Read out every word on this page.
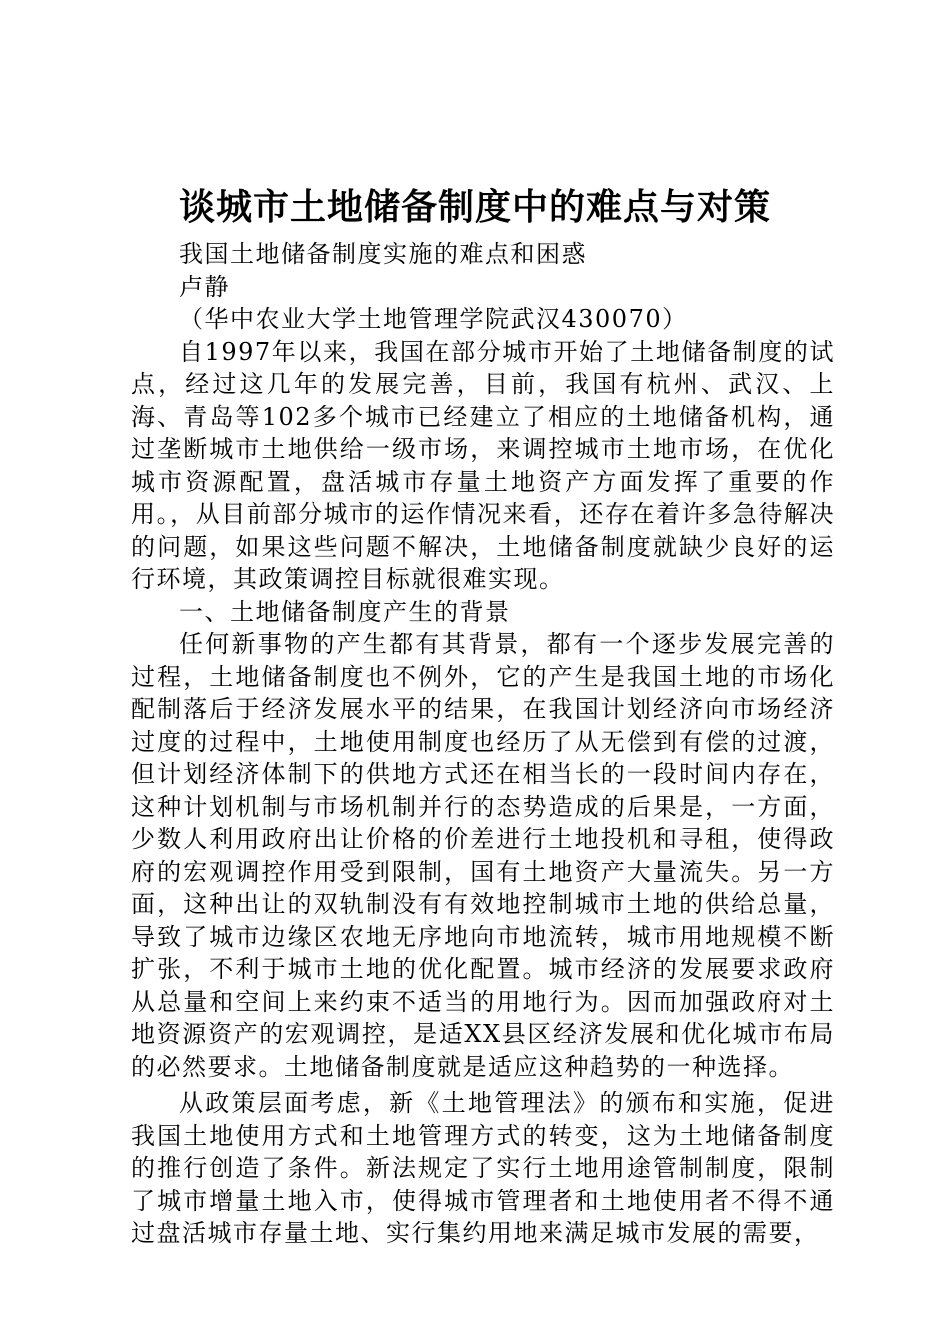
谈城市土地储备制度中的难点与对策

我国土地储备制度实施的难点和困惑

卢静

（华中农业大学土地管理学院武汉430070）

自1997年以来，我国在部分城市开始了土地储备制度的试点，经过这几年的发展完善，目前，我国有杭州、武汉、上海、青岛等102多个城市已经建立了相应的土地储备机构，通过垄断城市土地供给一级市场，来调控城市土地市场，在优化城市资源配置，盘活城市存量土地资产方面发挥了重要的作用。，从目前部分城市的运作情况来看，还存在着许多急待解决的问题，如果这些问题不解决，土地储备制度就缺少良好的运行环境，其政策调控目标就很难实现。

一、土地储备制度产生的背景

任何新事物的产生都有其背景，都有一个逐步发展完善的过程，土地储备制度也不例外，它的产生是我国土地的市场化配制落后于经济发展水平的结果，在我国计划经济向市场经济过度的过程中，土地使用制度也经历了从无偿到有偿的过渡，但计划经济体制下的供地方式还在相当长的一段时间内存在，这种计划机制与市场机制并行的态势造成的后果是，一方面，少数人利用政府出让价格的价差进行土地投机和寻租，使得政府的宏观调控作用受到限制，国有土地资产大量流失。另一方面，这种出让的双轨制没有有效地控制城市土地的供给总量，导致了城市边缘区农地无序地向市地流转，城市用地规模不断扩张，不利于城市土地的优化配置。城市经济的发展要求政府从总量和空间上来约束不适当的用地行为。因而加强政府对土地资源资产的宏观调控，是适XX县区经济发展和优化城市布局的必然要求。土地储备制度就是适应这种趋势的一种选择。

从政策层面考虑，新《土地管理法》的颁布和实施，促进我国土地使用方式和土地管理方式的转变，这为土地储备制度的推行创造了条件。新法规定了实行土地用途管制制度，限制了城市增量土地入市，使得城市管理者和土地使用者不得不通过盘活城市存量土地、实行集约用地来满足城市发展的需要，
